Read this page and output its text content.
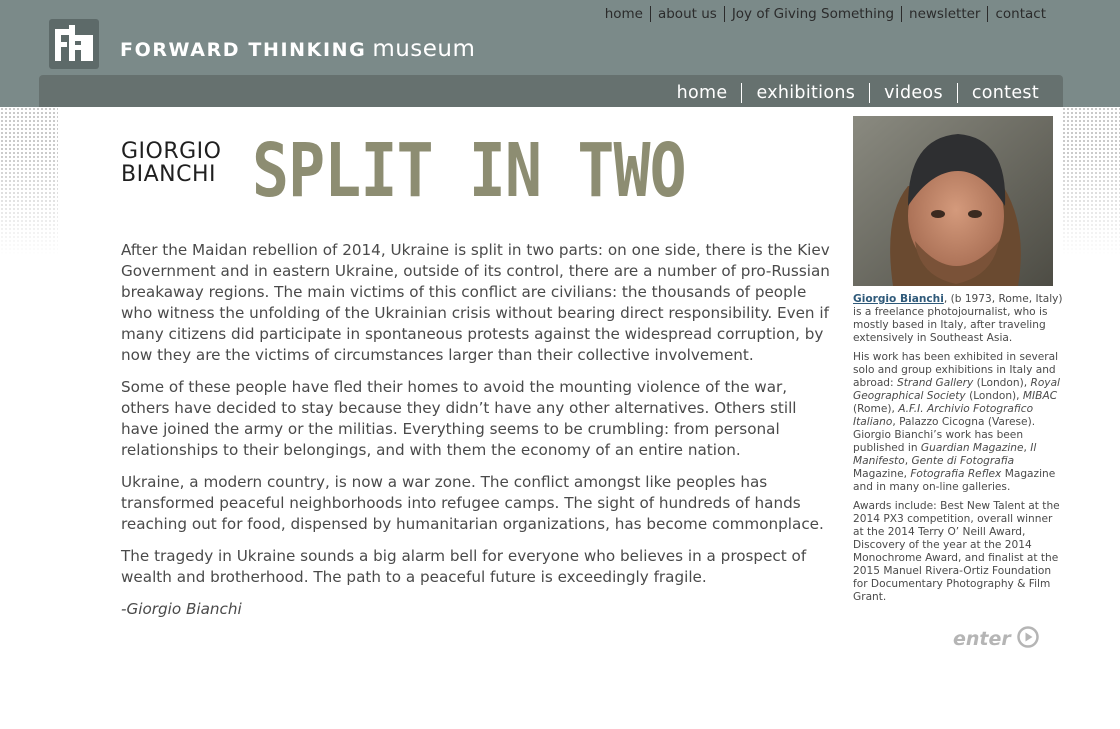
FORWARD THINKING museum
home	about us	Joy of Giving Something	newsletter	contact
home	exhibitions	videos	contest
GIORGIO
BIANCHI SPLIT IN TWO

After the Maidan rebellion of 2014, Ukraine is split in two parts: on one side, there is the Kiev Government and in eastern Ukraine, outside of its control, there are a number of pro-Russian breakaway regions. The main victims of this conflict are civilians: the thousands of people who witness the unfolding of the Ukrainian crisis without bearing direct responsibility. Even if many citizens did participate in spontaneous protests against the widespread corruption, by now they are the victims of circumstances larger than their collective involvement.

Some of these people have fled their homes to avoid the mounting violence of the war, others have decided to stay because they didn’t have any other alternatives. Others still have joined the army or the militias. Everything seems to be crumbling: from personal relationships to their belongings, and with them the economy of an entire nation.

Ukraine, a modern country, is now a war zone. The conflict amongst like peoples has transformed peaceful neighborhoods into refugee camps. The sight of hundreds of hands reaching out for food, dispensed by humanitarian organizations, has become commonplace.

The tragedy in Ukraine sounds a big alarm bell for everyone who believes in a prospect of wealth and brotherhood. The path to a peaceful future is exceedingly fragile.

-Giorgio Bianchi

Giorgio Bianchi, (b 1973, Rome, Italy) is a freelance photojournalist, who is mostly based in Italy, after traveling extensively in Southeast Asia.

His work has been exhibited in several solo and group exhibitions in Italy and abroad: Strand Gallery (London), Royal Geographical Society (London), MIBAC (Rome), A.F.I. Archivio Fotografico Italiano, Palazzo Cicogna (Varese). Giorgio Bianchi’s work has been published in Guardian Magazine, Il Manifesto, Gente di Fotografia Magazine, Fotografia Reflex Magazine and in many on-line galleries.

Awards include: Best New Talent at the 2014 PX3 competition, overall winner at the 2014 Terry O’ Neill Award, Discovery of the year at the 2014 Monochrome Award, and finalist at the 2015 Manuel Rivera-Ortiz Foundation for Documentary Photography & Film Grant.

enter
